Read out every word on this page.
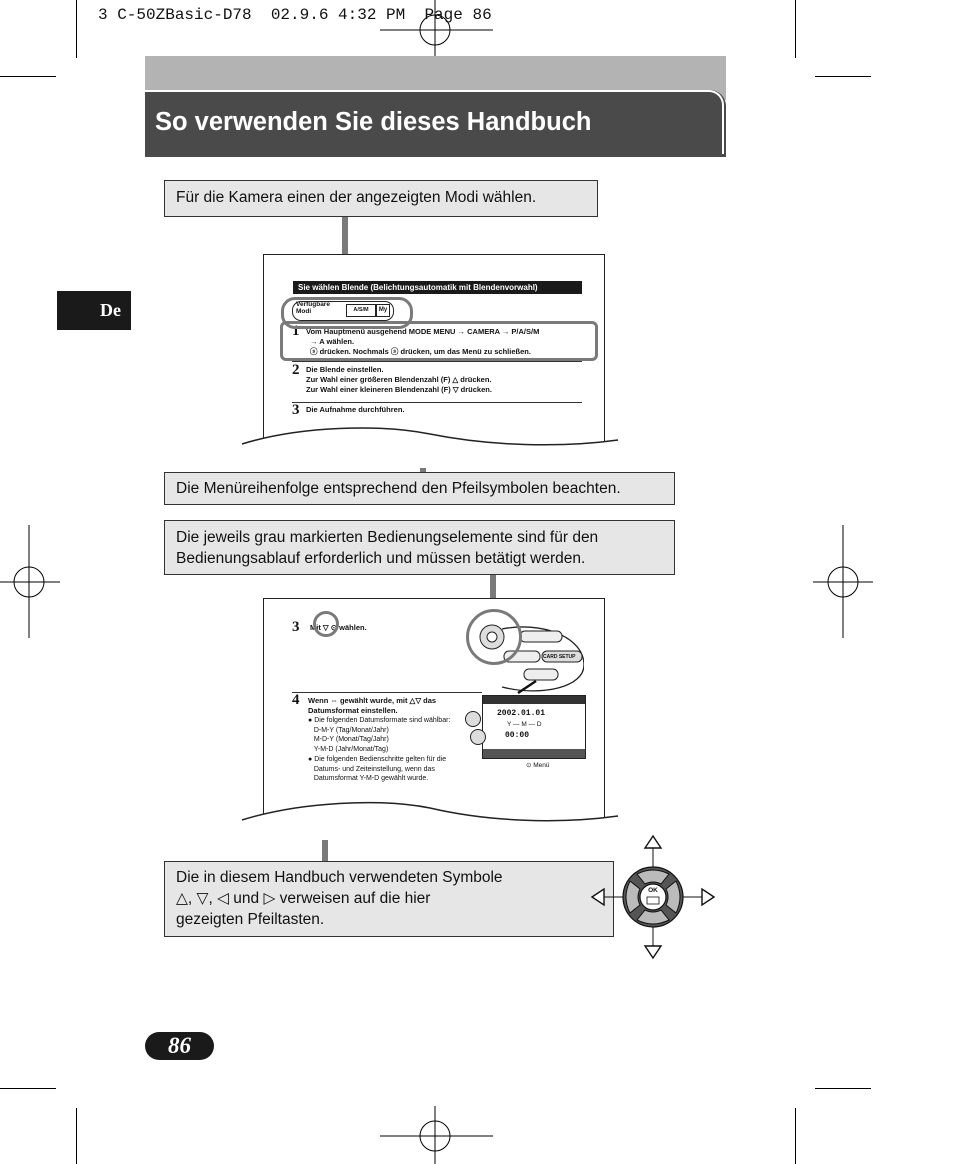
3 C-50ZBasic-D78 02.9.6 4:32 PM Page 86
So verwenden Sie dieses Handbuch
De
Für die Kamera einen der angezeigten Modi wählen.
Sie wählen Blende (Belichtungsautomatik mit Blendenvorwahl)
Verfügbare
Modi	A/S/M	My
1 Vom Hauptmenü ausgehend MODE MENU → CAMERA → P/A/S/M
→ A wählen.
ⓢ drücken. Nochmals ⓢ drücken, um das Menü zu schließen.
2 Die Blende einstellen.
Zur Wahl einer größeren Blendenzahl (F) △ drücken.
Zur Wahl einer kleineren Blendenzahl (F) ▽ drücken.
3 Die Aufnahme durchführen.
Die Menüreihenfolge entsprechend den Pfeilsymbolen beachten.
Die jeweils grau markierten Bedienungselemente sind für den
Bedienungsablauf erforderlich und müssen betätigt werden.
3 Mit ▽ ⊙ wählen.
CARD SETUP
4 Wenn ⇔ gewählt wurde, mit △▽ das
Datumsformat einstellen.
● Die folgenden Datumsformate sind wählbar:
D-M-Y (Tag/Monat/Jahr)
M-D-Y (Monat/Tag/Jahr)
Y-M-D (Jahr/Monat/Tag)
● Die folgenden Bedienschritte gelten für die
Datums- und Zeiteinstellung, wenn das
Datumsformat Y-M-D gewählt wurde.
2002.01.01
Y — M — D
00:00
⊙ Menü
Die in diesem Handbuch verwendeten Symbole
△, ▽, ◁ und ▷ verweisen auf die hier
gezeigten Pfeiltasten.
OK
86
